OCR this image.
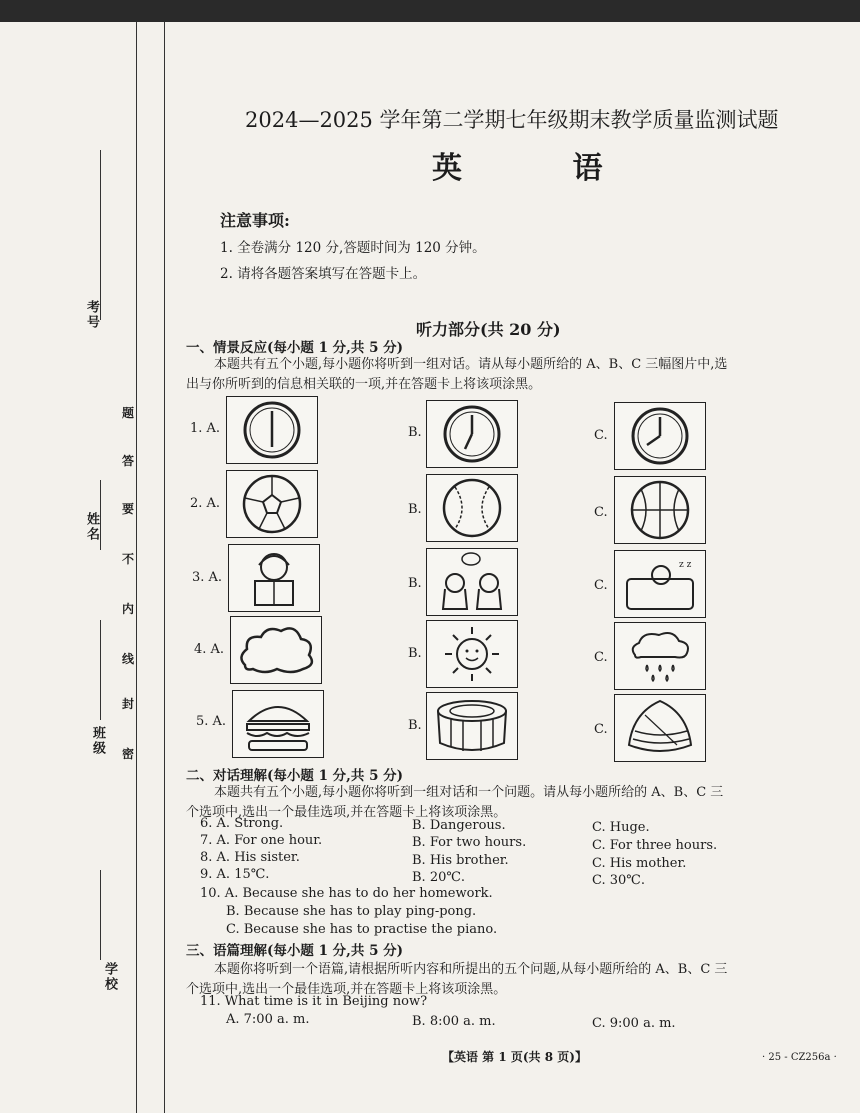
考号
姓名
班级
学校
密
封
线
内
不
要
答
题
2024—2025 学年第二学期七年级期末教学质量监测试题
英 语
注意事项:
1. 全卷满分 120 分,答题时间为 120 分钟。
2. 请将各题答案填写在答题卡上。
听力部分(共 20 分)
一、情景反应(每小题 1 分,共 5 分)
本题共有五个小题,每小题你将听到一组对话。请从每小题所给的 A、B、C 三幅图片中,选
出与你所听到的信息相关联的一项,并在答题卡上将该项涂黑。
1. A.	B.	C.
2. A.	B.	C.
3. A.	B.	C.
z z
4. A.	B.	C.
5. A.	B.	C.
二、对话理解(每小题 1 分,共 5 分)
本题共有五个小题,每小题你将听到一组对话和一个问题。请从每小题所给的 A、B、C 三
个选项中,选出一个最佳选项,并在答题卡上将该项涂黑。
6. A. Strong.	B. Dangerous.	C. Huge.
7. A. For one hour.	B. For two hours.	C. For three hours.
8. A. His sister.	B. His brother.	C. His mother.
9. A. 15℃.	B. 20℃.	C. 30℃.
10. A. Because she has to do her homework.
B. Because she has to play ping-pong.
C. Because she has to practise the piano.
三、语篇理解(每小题 1 分,共 5 分)
本题你将听到一个语篇,请根据所听内容和所提出的五个问题,从每小题所给的 A、B、C 三
个选项中,选出一个最佳选项,并在答题卡上将该项涂黑。
11. What time is it in Beijing now?
A. 7:00 a. m.	B. 8:00 a. m.	C. 9:00 a. m.
【英语 第 1 页(共 8 页)】	· 25 - CZ256a ·
